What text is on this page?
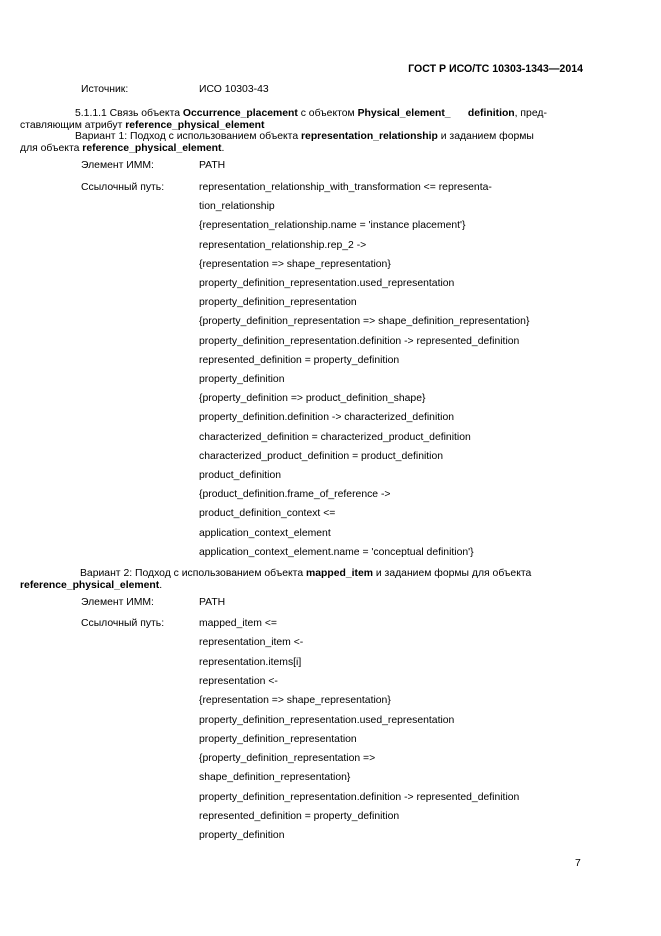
ГОСТ Р ИСО/ТС 10303-1343—2014
Источник:	ИСО 10303-43
5.1.1.1 Связь объекта Occurrence_placement с объектом Physical_element_ definition, пред-
ставляющим атрибут reference_physical_element
Вариант 1: Подход с использованием объекта representation_relationship и заданием формы
для объекта reference_physical_element.
Элемент ИММ:	PATH
Ссылочный путь:	representation_relationship_with_transformation <= representa-
tion_relationship
{representation_relationship.name = 'instance placement'}
representation_relationship.rep_2 ->
{representation => shape_representation}
property_definition_representation.used_representation
property_definition_representation
{property_definition_representation => shape_definition_representation}
property_definition_representation.definition -> represented_definition
represented_definition = property_definition
property_definition
{property_definition => product_definition_shape}
property_definition.definition -> characterized_definition
characterized_definition = characterized_product_definition
characterized_product_definition = product_definition
product_definition
{product_definition.frame_of_reference ->
product_definition_context <=
application_context_element
application_context_element.name = 'conceptual definition'}
Вариант 2: Подход с использованием объекта mapped_item и заданием формы для объекта
reference_physical_element.
Элемент ИММ:	PATH
Ссылочный путь:	mapped_item <=
representation_item <-
representation.items[i]
representation <-
{representation => shape_representation}
property_definition_representation.used_representation
property_definition_representation
{property_definition_representation =>
shape_definition_representation}
property_definition_representation.definition -> represented_definition
represented_definition = property_definition
property_definition
7
